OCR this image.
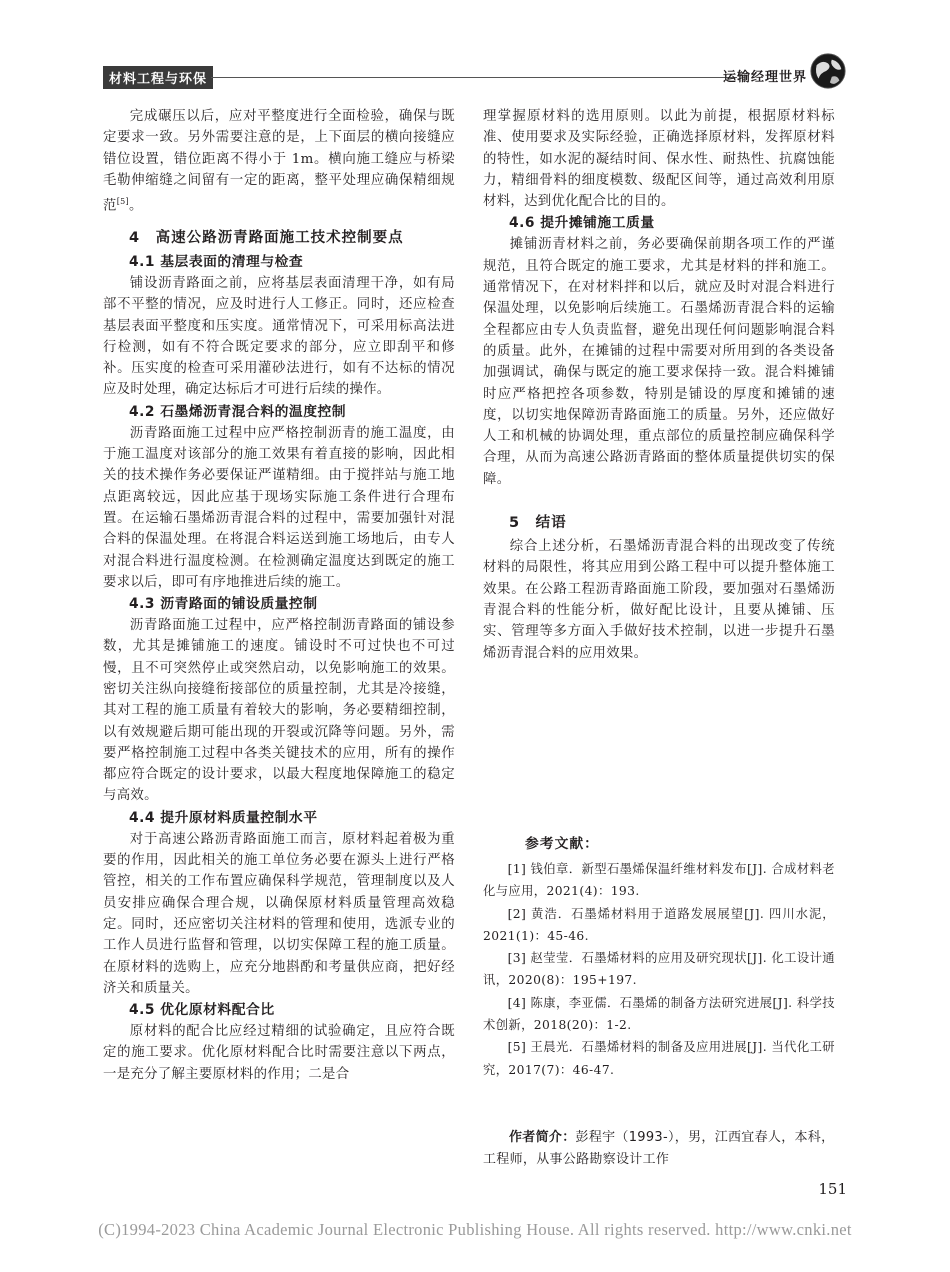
材料工程与环保	运输经理世界

完成碾压以后，应对平整度进行全面检验，确保与既定要求一致。另外需要注意的是，上下面层的横向接缝应错位设置，错位距离不得小于 1m。横向施工缝应与桥梁毛勒伸缩缝之间留有一定的距离，整平处理应确保精细规范[5]。

4　高速公路沥青路面施工技术控制要点
4.1 基层表面的清理与检查

铺设沥青路面之前，应将基层表面清理干净，如有局部不平整的情况，应及时进行人工修正。同时，还应检查基层表面平整度和压实度。通常情况下，可采用标高法进行检测，如有不符合既定要求的部分，应立即刮平和修补。压实度的检查可采用灌砂法进行，如有不达标的情况应及时处理，确定达标后才可进行后续的操作。

4.2 石墨烯沥青混合料的温度控制

沥青路面施工过程中应严格控制沥青的施工温度，由于施工温度对该部分的施工效果有着直接的影响，因此相关的技术操作务必要保证严谨精细。由于搅拌站与施工地点距离较远，因此应基于现场实际施工条件进行合理布置。在运输石墨烯沥青混合料的过程中，需要加强针对混合料的保温处理。在将混合料运送到施工场地后，由专人对混合料进行温度检测。在检测确定温度达到既定的施工要求以后，即可有序地推进后续的施工。

4.3 沥青路面的铺设质量控制

沥青路面施工过程中，应严格控制沥青路面的铺设参数，尤其是摊铺施工的速度。铺设时不可过快也不可过慢，且不可突然停止或突然启动，以免影响施工的效果。密切关注纵向接缝衔接部位的质量控制，尤其是冷接缝，其对工程的施工质量有着较大的影响，务必要精细控制，以有效规避后期可能出现的开裂或沉降等问题。另外，需要严格控制施工过程中各类关键技术的应用，所有的操作都应符合既定的设计要求，以最大程度地保障施工的稳定与高效。

4.4 提升原材料质量控制水平

对于高速公路沥青路面施工而言，原材料起着极为重要的作用，因此相关的施工单位务必要在源头上进行严格管控，相关的工作布置应确保科学规范，管理制度以及人员安排应确保合理合规，以确保原材料质量管理高效稳定。同时，还应密切关注材料的管理和使用，选派专业的工作人员进行监督和管理，以切实保障工程的施工质量。在原材料的选购上，应充分地斟酌和考量供应商，把好经济关和质量关。

4.5 优化原材料配合比

原材料的配合比应经过精细的试验确定，且应符合既定的施工要求。优化原材料配合比时需要注意以下两点，一是充分了解主要原材料的作用；二是合

理掌握原材料的选用原则。以此为前提，根据原材料标准、使用要求及实际经验，正确选择原材料，发挥原材料的特性，如水泥的凝结时间、保水性、耐热性、抗腐蚀能力，精细骨料的细度模数、级配区间等，通过高效利用原材料，达到优化配合比的目的。

4.6 提升摊铺施工质量

摊铺沥青材料之前，务必要确保前期各项工作的严谨规范，且符合既定的施工要求，尤其是材料的拌和施工。通常情况下，在对材料拌和以后，就应及时对混合料进行保温处理，以免影响后续施工。石墨烯沥青混合料的运输全程都应由专人负责监督，避免出现任何问题影响混合料的质量。此外，在摊铺的过程中需要对所用到的各类设备加强调试，确保与既定的施工要求保持一致。混合料摊铺时应严格把控各项参数，特别是铺设的厚度和摊铺的速度，以切实地保障沥青路面施工的质量。另外，还应做好人工和机械的协调处理，重点部位的质量控制应确保科学合理，从而为高速公路沥青路面的整体质量提供切实的保障。

5　结语

综合上述分析，石墨烯沥青混合料的出现改变了传统材料的局限性，将其应用到公路工程中可以提升整体施工效果。在公路工程沥青路面施工阶段，要加强对石墨烯沥青混合料的性能分析，做好配比设计，且要从摊铺、压实、管理等多方面入手做好技术控制，以进一步提升石墨烯沥青混合料的应用效果。

参考文献：

[1] 钱伯章．新型石墨烯保温纤维材料发布[J]. 合成材料老化与应用，2021(4)：193.

[2] 黄浩．石墨烯材料用于道路发展展望[J]. 四川水泥，2021(1)：45-46.

[3] 赵莹莹．石墨烯材料的应用及研究现状[J]. 化工设计通讯，2020(8)：195+197.

[4] 陈康，李亚儒．石墨烯的制备方法研究进展[J]. 科学技术创新，2018(20)：1-2.

[5] 王晨光．石墨烯材料的制备及应用进展[J]. 当代化工研究，2017(7)：46-47.

作者简介：彭程宇（1993-），男，江西宜春人，本科，工程师，从事公路勘察设计工作

151
(C)1994-2023 China Academic Journal Electronic Publishing House. All rights reserved. http://www.cnki.net
